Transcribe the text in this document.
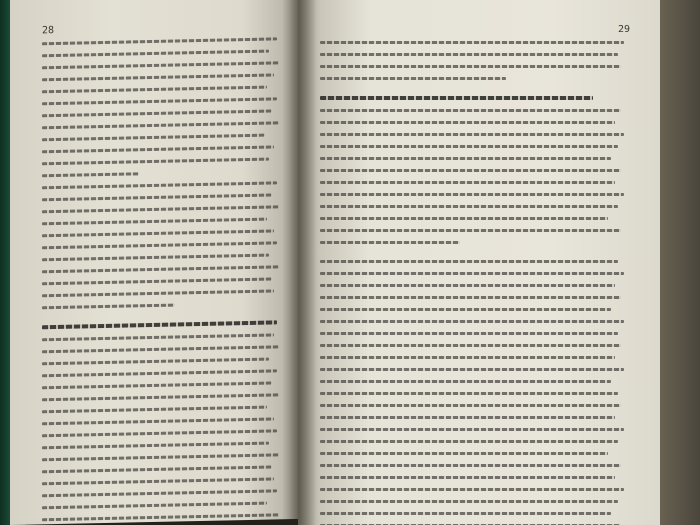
28	29
